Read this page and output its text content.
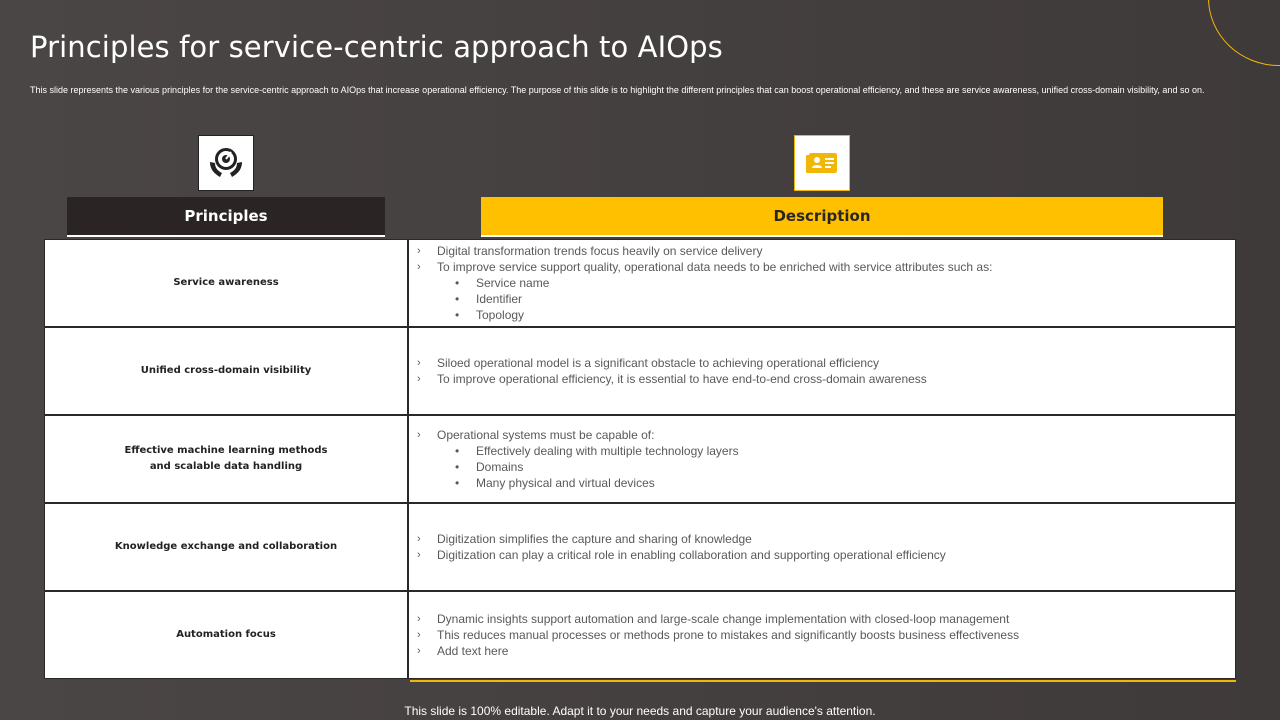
Principles for service-centric approach to AIOps
This slide represents the various principles for the service-centric approach to AIOps that increase operational efficiency. The purpose of this slide is to highlight the different principles that can boost operational efficiency, and these are service awareness, unified cross-domain visibility, and so on.
Principles	Description
Service awareness
›	Digital transformation trends focus heavily on service delivery
›	To improve service support quality, operational data needs to be enriched with service attributes such as:
• Service name
• Identifier
• Topology
Unified cross-domain visibility
›	Siloed operational model is a significant obstacle to achieving operational efficiency
›	To improve operational efficiency, it is essential to have end-to-end cross-domain awareness
Effective machine learning methods
and scalable data handling
›	Operational systems must be capable of:
• Effectively dealing with multiple technology layers
• Domains
• Many physical and virtual devices
Knowledge exchange and collaboration
›	Digitization simplifies the capture and sharing of knowledge
›	Digitization can play a critical role in enabling collaboration and supporting operational efficiency
Automation focus
›	Dynamic insights support automation and large-scale change implementation with closed-loop management
›	This reduces manual processes or methods prone to mistakes and significantly boosts business effectiveness
›	Add text here
This slide is 100% editable. Adapt it to your needs and capture your audience's attention.
